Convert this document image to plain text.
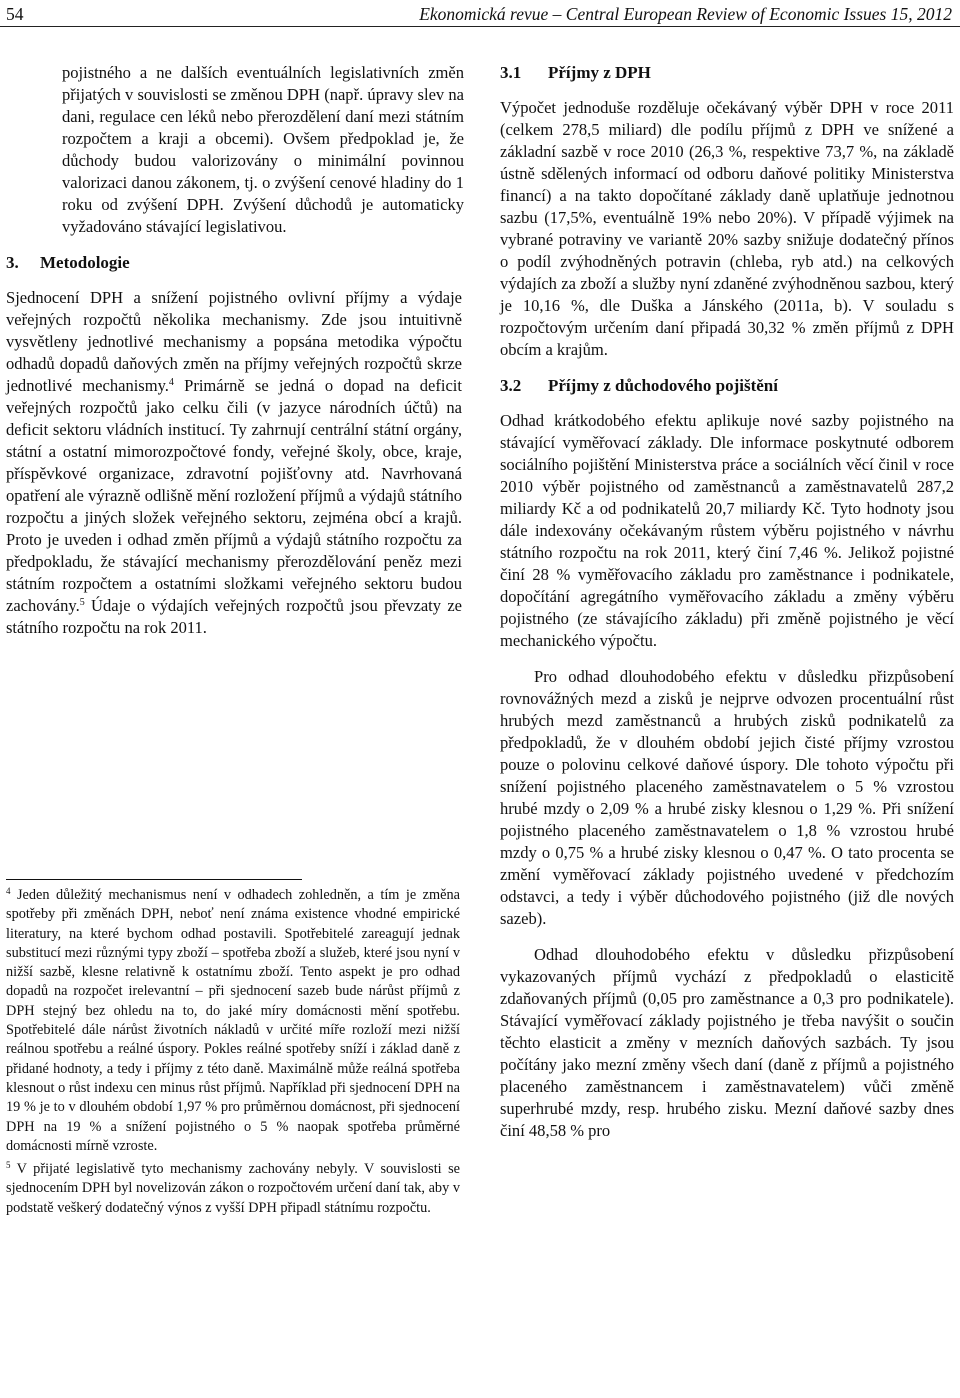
54	Ekonomická revue – Central European Review of Economic Issues 15, 2012

pojistného a ne dalších eventuálních legislativních změn přijatých v souvislosti se změnou DPH (např. úpravy slev na dani, regulace cen léků nebo přerozdělení daní mezi státním rozpočtem a kraji a obcemi). Ovšem předpoklad je, že důchody budou valorizovány o minimální povinnou valorizaci danou zákonem, tj. o zvýšení cenové hladiny do 1 roku od zvýšení DPH. Zvýšení důchodů je automaticky vyžadováno stávající legislativou.

3. Metodologie

Sjednocení DPH a snížení pojistného ovlivní příjmy a výdaje veřejných rozpočtů několika mechanismy. Zde jsou intuitivně vysvětleny jednotlivé mechanismy a popsána metodika výpočtu odhadů dopadů daňových změn na příjmy veřejných rozpočtů skrze jednotlivé mechanismy.$^4$ Primárně se jedná o dopad na deficit veřejných rozpočtů jako celku čili (v jazyce národních účtů) na deficit sektoru vládních institucí. Ty zahrnují centrální státní orgány, státní a ostatní mimorozpočtové fondy, veřejné školy, obce, kraje, příspěvkové organizace, zdravotní pojišťovny atd. Navrhovaná opatření ale výrazně odlišně mění rozložení příjmů a výdajů státního rozpočtu a jiných složek veřejného sektoru, zejména obcí a krajů. Proto je uveden i odhad změn příjmů a výdajů státního rozpočtu za předpokladu, že stávající mechanismy přerozdělování peněz mezi státním rozpočtem a ostatními složkami veřejného sektoru budou zachovány.$^5$ Údaje o výdajích veřejných rozpočtů jsou převzaty ze státního rozpočtu na rok 2011.

$^4$ Jeden důležitý mechanismus není v odhadech zohledněn, a tím je změna spotřeby při změnách DPH, neboť není známa existence vhodné empirické literatury, na které bychom odhad postavili. Spotřebitelé zareagují jednak substitucí mezi různými typy zboží – spotřeba zboží a služeb, které jsou nyní v nižší sazbě, klesne relativně k ostatnímu zboží. Tento aspekt je pro odhad dopadů na rozpočet irelevantní – při sjednocení sazeb bude nárůst příjmů z DPH stejný bez ohledu na to, do jaké míry domácnosti mění spotřebu. Spotřebitelé dále nárůst životních nákladů v určité míře rozloží mezi nižší reálnou spotřebu a reálné úspory. Pokles reálné spotřeby sníží i základ daně z přidané hodnoty, a tedy i příjmy z této daně. Maximálně může reálná spotřeba klesnout o růst indexu cen minus růst příjmů. Například při sjednocení DPH na 19 % je to v dlouhém období 1,97 % pro průměrnou domácnost, při sjednocení DPH na 19 % a snížení pojistného o 5 % naopak spotřeba průměrné domácnosti mírně vzroste.

$^5$ V přijaté legislativě tyto mechanismy zachovány nebyly. V souvislosti se sjednocením DPH byl novelizován zákon o rozpočtovém určení daní tak, aby v podstatě veškerý dodatečný výnos z vyšší DPH připadl státnímu rozpočtu.

3.1 Příjmy z DPH

Výpočet jednoduše rozděluje očekávaný výběr DPH v roce 2011 (celkem 278,5 miliard) dle podílu příjmů z DPH ve snížené a základní sazbě v roce 2010 (26,3 %, respektive 73,7 %, na základě ústně sdělených informací od odboru daňové politiky Ministerstva financí) a na takto dopočítané základy daně uplatňuje jednotnou sazbu (17,5%, eventuálně 19% nebo 20%). V případě výjimek na vybrané potraviny ve variantě 20% sazby snižuje dodatečný přínos o podíl zvýhodněných potravin (chleba, ryb atd.) na celkových výdajích za zboží a služby nyní zdaněné zvýhodněnou sazbou, který je 10,16 %, dle Duška a Jánského (2011a, b). V souladu s rozpočtovým určením daní připadá 30,32 % změn příjmů z DPH obcím a krajům.

3.2 Příjmy z důchodového pojištění

Odhad krátkodobého efektu aplikuje nové sazby pojistného na stávající vyměřovací základy. Dle informace poskytnuté odborem sociálního pojištění Ministerstva práce a sociálních věcí činil v roce 2010 výběr pojistného od zaměstnanců a zaměstnavatelů 287,2 miliardy Kč a od podnikatelů 20,7 miliardy Kč. Tyto hodnoty jsou dále indexovány očekávaným růstem výběru pojistného v návrhu státního rozpočtu na rok 2011, který činí 7,46 %. Jelikož pojistné činí 28 % vyměřovacího základu pro zaměstnance i podnikatele, dopočítání agregátního vyměřovacího základu a změny výběru pojistného (ze stávajícího základu) při změně pojistného je věcí mechanického výpočtu.

Pro odhad dlouhodobého efektu v důsledku přizpůsobení rovnovážných mezd a zisků je nejprve odvozen procentuální růst hrubých mezd zaměstnanců a hrubých zisků podnikatelů za předpokladů, že v dlouhém období jejich čisté příjmy vzrostou pouze o polovinu celkové daňové úspory. Dle tohoto výpočtu při snížení pojistného placeného zaměstnavatelem o 5 % vzrostou hrubé mzdy o 2,09 % a hrubé zisky klesnou o 1,29 %. Při snížení pojistného placeného zaměstnavatelem o 1,8 % vzrostou hrubé mzdy o 0,75 % a hrubé zisky klesnou o 0,47 %. O tato procenta se změní vyměřovací základy pojistného uvedené v předchozím odstavci, a tedy i výběr důchodového pojistného (již dle nových sazeb).

Odhad dlouhodobého efektu v důsledku přizpůsobení vykazovaných příjmů vychází z předpokladů o elasticitě zdaňovaných příjmů (0,05 pro zaměstnance a 0,3 pro podnikatele). Stávající vyměřovací základy pojistného je třeba navýšit o součin těchto elasticit a změny v mezních daňových sazbách. Ty jsou počítány jako mezní změny všech daní (daně z příjmů a pojistného placeného zaměstnancem i zaměstnavatelem) vůči změně superhrubé mzdy, resp. hrubého zisku. Mezní daňové sazby dnes činí 48,58 % pro
